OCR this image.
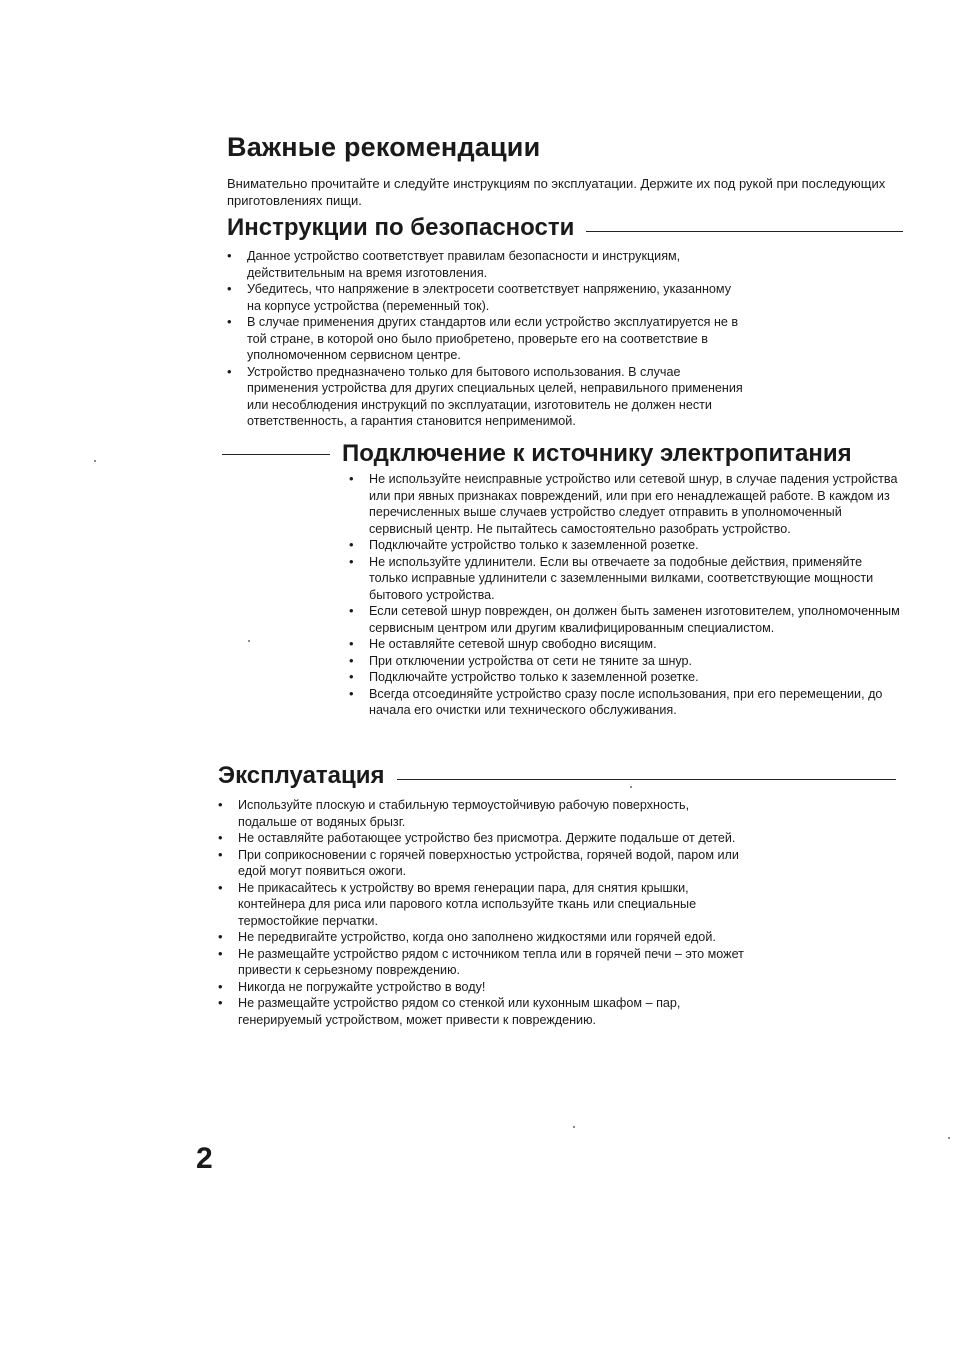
Важные рекомендации

Внимательно прочитайте и следуйте инструкциям по эксплуатации. Держите их под рукой при последующих приготовлениях пищи.

Инструкции по безопасности
• Данное устройство соответствует правилам безопасности и инструкциям, действительным на время изготовления.
• Убедитесь, что напряжение в электросети соответствует напряжению, указанному на корпусе устройства (переменный ток).
• В случае применения других стандартов или если устройство эксплуатируется не в той стране, в которой оно было приобретено, проверьте его на соответствие в уполномоченном сервисном центре.
• Устройство предназначено только для бытового использования. В случае применения устройства для других специальных целей, неправильного применения или несоблюдения инструкций по эксплуатации, изготовитель не должен нести ответственность, а гарантия становится неприменимой.
Подключение к источнику электропитания
• Не используйте неисправные устройство или сетевой шнур, в случае падения устройства или при явных признаках повреждений, или при его ненадлежащей работе. В каждом из перечисленных выше случаев устройство следует отправить в уполномоченный сервисный центр. Не пытайтесь самостоятельно разобрать устройство.
• Подключайте устройство только к заземленной розетке.
• Не используйте удлинители. Если вы отвечаете за подобные действия, применяйте только исправные удлинители с заземленными вилками, соответствующие мощности бытового устройства.
• Если сетевой шнур поврежден, он должен быть заменен изготовителем, уполномоченным сервисным центром или другим квалифицированным специалистом.
• Не оставляйте сетевой шнур свободно висящим.
• При отключении устройства от сети не тяните за шнур.
• Подключайте устройство только к заземленной розетке.
• Всегда отсоединяйте устройство сразу после использования, при его перемещении, до начала его очистки или технического обслуживания.
Эксплуатация
• Используйте плоскую и стабильную термоустойчивую рабочую поверхность, подальше от водяных брызг.
• Не оставляйте работающее устройство без присмотра. Держите подальше от детей.
• При соприкосновении с горячей поверхностью устройства, горячей водой, паром или едой могут появиться ожоги.
• Не прикасайтесь к устройству во время генерации пара, для снятия крышки, контейнера для риса или парового котла используйте ткань или специальные термостойкие перчатки.
• Не передвигайте устройство, когда оно заполнено жидкостями или горячей едой.
• Не размещайте устройство рядом с источником тепла или в горячей печи – это может привести к серьезному повреждению.
• Никогда не погружайте устройство в воду!
• Не размещайте устройство рядом со стенкой или кухонным шкафом – пар, генерируемый устройством, может привести к повреждению.
2
